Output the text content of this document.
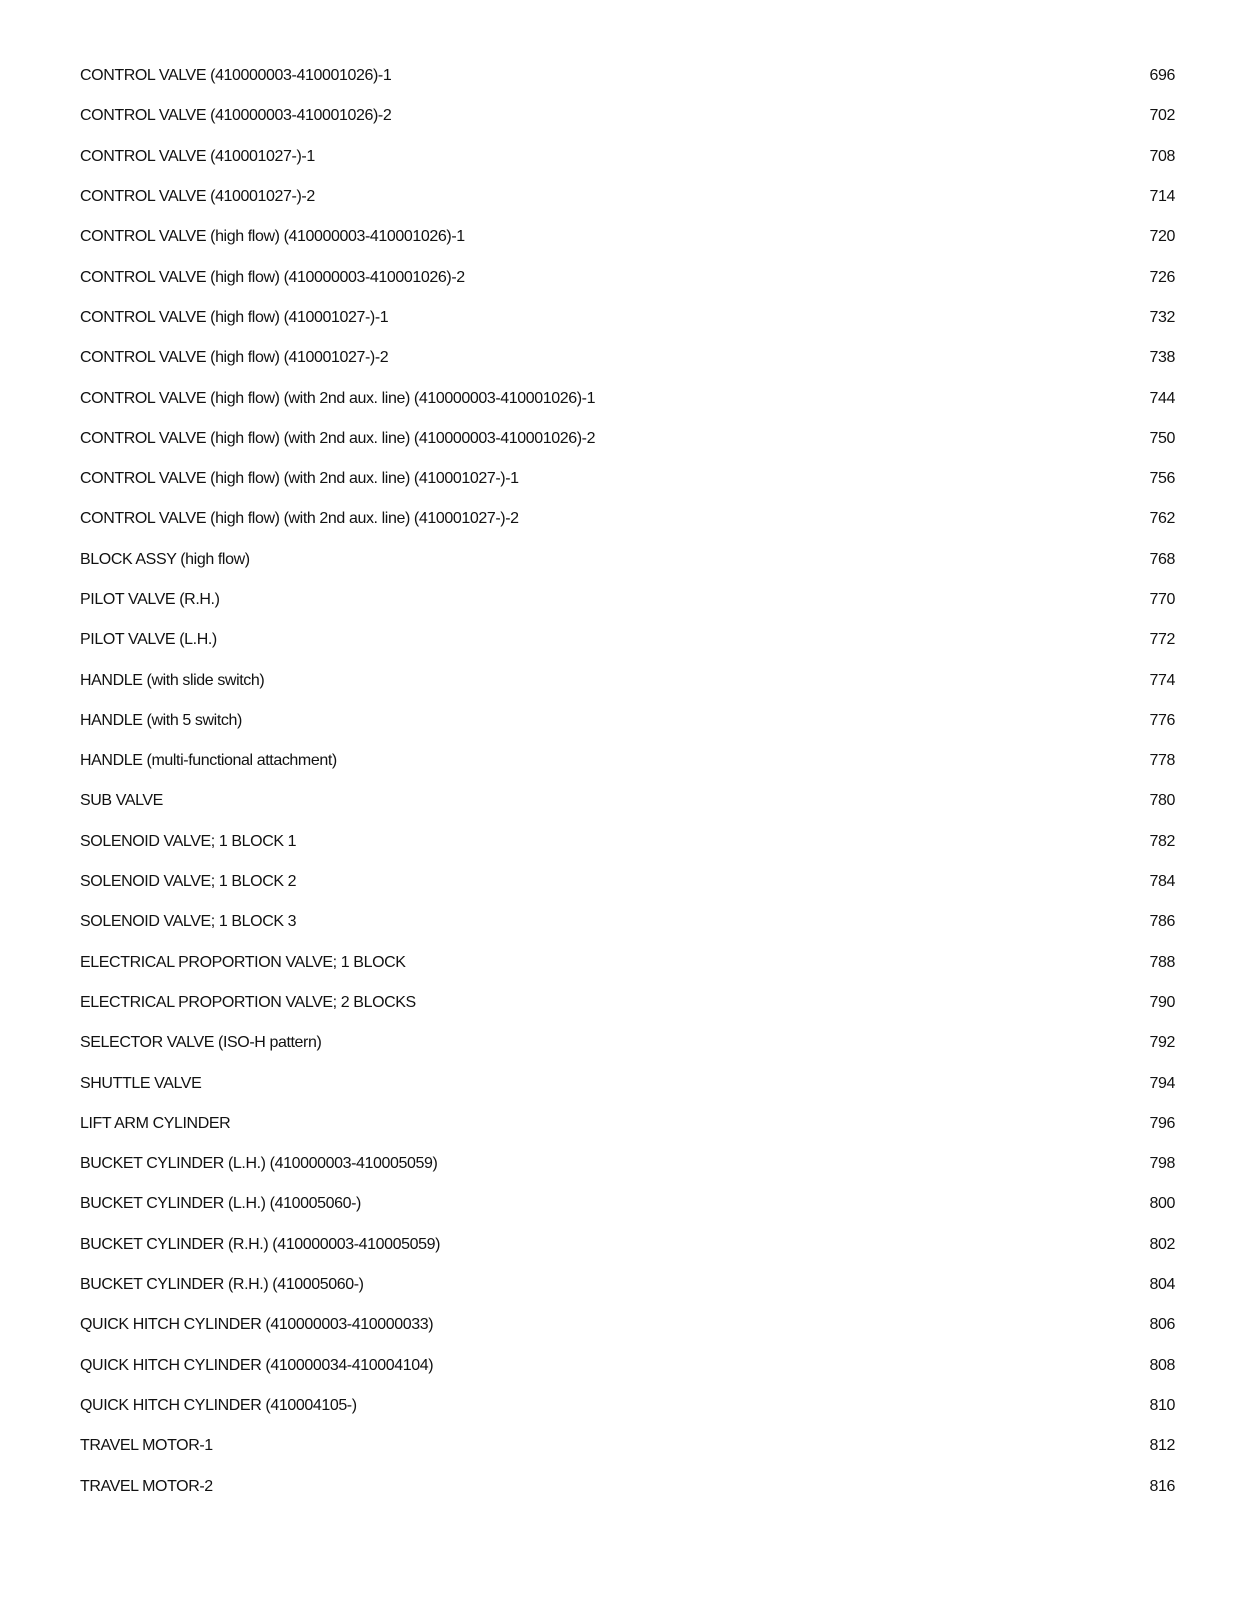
CONTROL VALVE (410000003-410001026)-1	696
CONTROL VALVE (410000003-410001026)-2	702
CONTROL VALVE (410001027-)-1	708
CONTROL VALVE (410001027-)-2	714
CONTROL VALVE (high flow) (410000003-410001026)-1	720
CONTROL VALVE (high flow) (410000003-410001026)-2	726
CONTROL VALVE (high flow) (410001027-)-1	732
CONTROL VALVE (high flow) (410001027-)-2	738
CONTROL VALVE (high flow) (with 2nd aux. line) (410000003-410001026)-1	744
CONTROL VALVE (high flow) (with 2nd aux. line) (410000003-410001026)-2	750
CONTROL VALVE (high flow) (with 2nd aux. line) (410001027-)-1	756
CONTROL VALVE (high flow) (with 2nd aux. line) (410001027-)-2	762
BLOCK ASSY (high flow)	768
PILOT VALVE (R.H.)	770
PILOT VALVE (L.H.)	772
HANDLE (with slide switch)	774
HANDLE (with 5 switch)	776
HANDLE (multi-functional attachment)	778
SUB VALVE	780
SOLENOID VALVE; 1 BLOCK 1	782
SOLENOID VALVE; 1 BLOCK 2	784
SOLENOID VALVE; 1 BLOCK 3	786
ELECTRICAL PROPORTION VALVE; 1 BLOCK	788
ELECTRICAL PROPORTION VALVE; 2 BLOCKS	790
SELECTOR VALVE (ISO-H pattern)	792
SHUTTLE VALVE	794
LIFT ARM CYLINDER	796
BUCKET CYLINDER (L.H.) (410000003-410005059)	798
BUCKET CYLINDER (L.H.) (410005060-)	800
BUCKET CYLINDER (R.H.) (410000003-410005059)	802
BUCKET CYLINDER (R.H.) (410005060-)	804
QUICK HITCH CYLINDER (410000003-410000033)	806
QUICK HITCH CYLINDER (410000034-410004104)	808
QUICK HITCH CYLINDER (410004105-)	810
TRAVEL MOTOR-1	812
TRAVEL MOTOR-2	816
